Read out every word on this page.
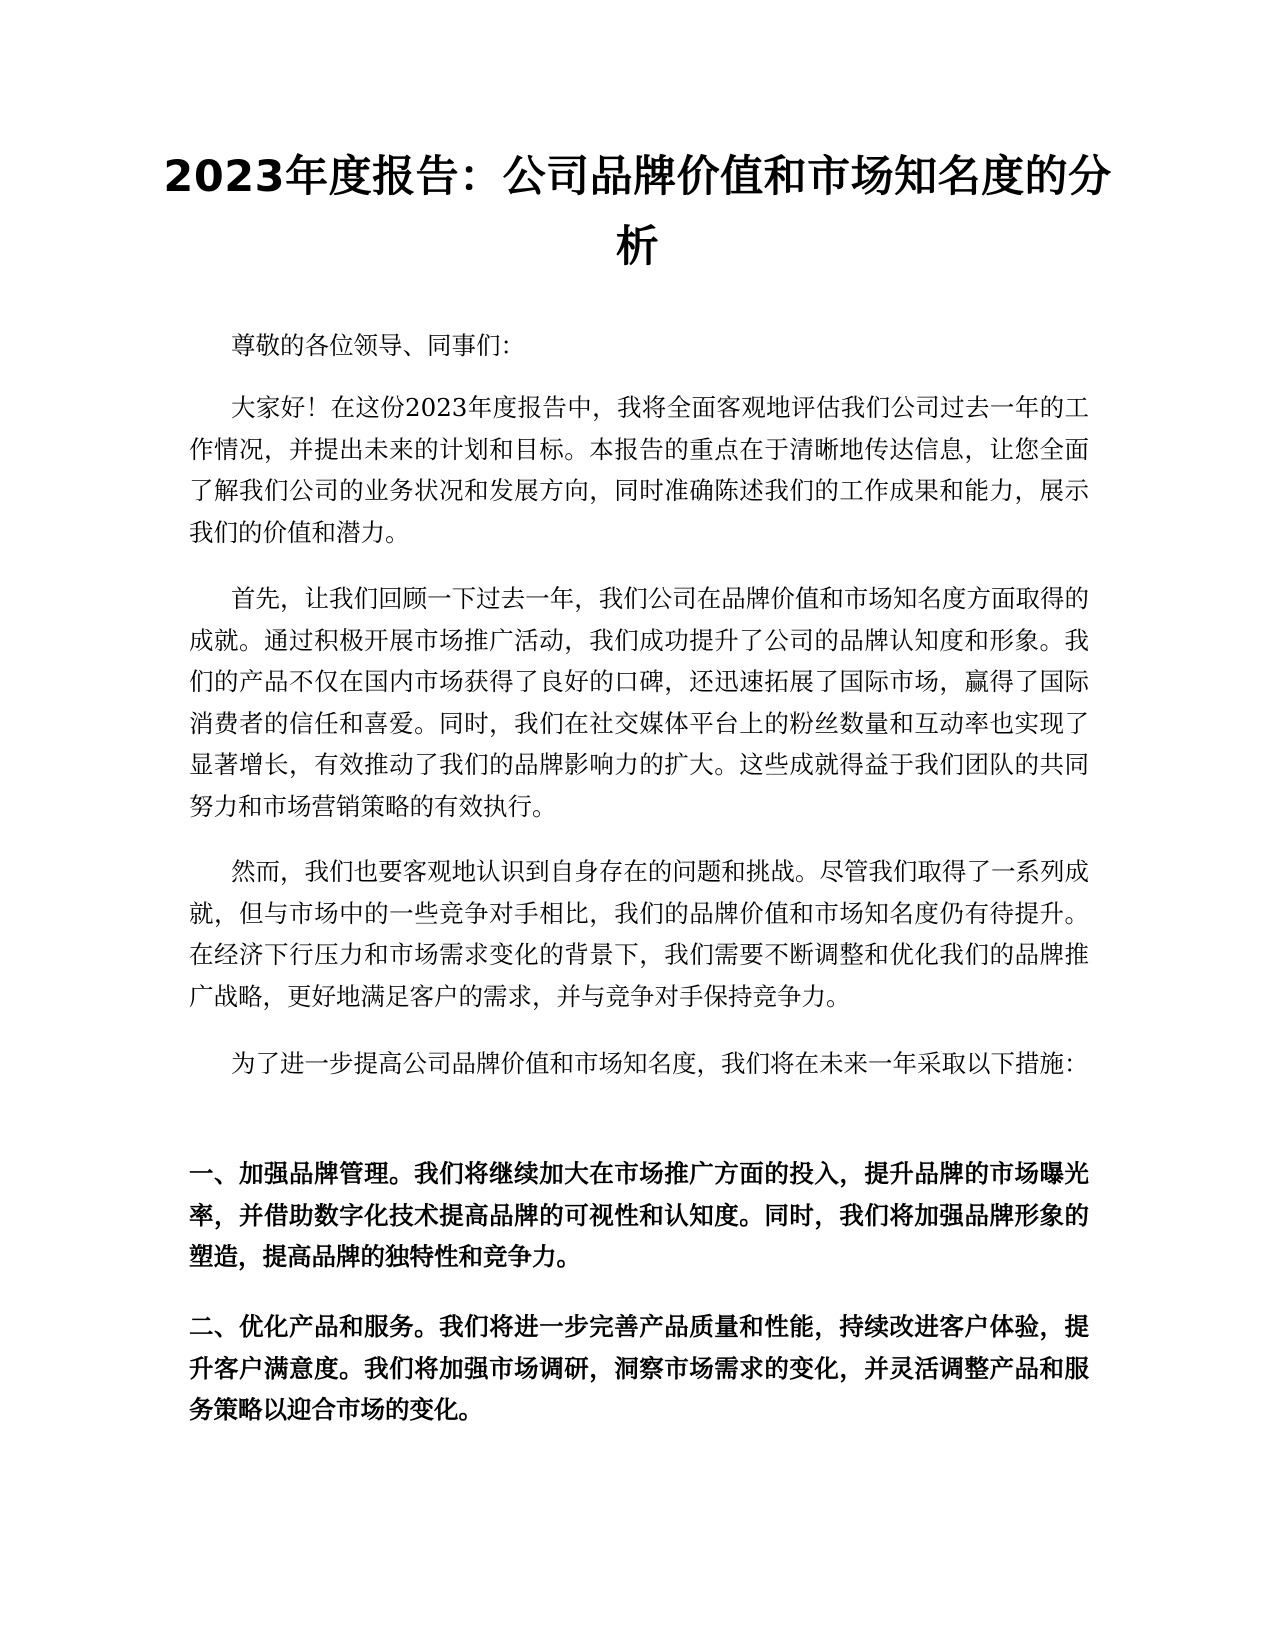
2023年度报告：公司品牌价值和市场知名度的分析

尊敬的各位领导、同事们：

大家好！在这份2023年度报告中，我将全面客观地评估我们公司过去一年的工作情况，并提出未来的计划和目标。本报告的重点在于清晰地传达信息，让您全面了解我们公司的业务状况和发展方向，同时准确陈述我们的工作成果和能力，展示我们的价值和潜力。

首先，让我们回顾一下过去一年，我们公司在品牌价值和市场知名度方面取得的成就。通过积极开展市场推广活动，我们成功提升了公司的品牌认知度和形象。我们的产品不仅在国内市场获得了良好的口碑，还迅速拓展了国际市场，赢得了国际消费者的信任和喜爱。同时，我们在社交媒体平台上的粉丝数量和互动率也实现了显著增长，有效推动了我们的品牌影响力的扩大。这些成就得益于我们团队的共同努力和市场营销策略的有效执行。

然而，我们也要客观地认识到自身存在的问题和挑战。尽管我们取得了一系列成就，但与市场中的一些竞争对手相比，我们的品牌价值和市场知名度仍有待提升。在经济下行压力和市场需求变化的背景下，我们需要不断调整和优化我们的品牌推广战略，更好地满足客户的需求，并与竞争对手保持竞争力。

为了进一步提高公司品牌价值和市场知名度，我们将在未来一年采取以下措施：

一、加强品牌管理。我们将继续加大在市场推广方面的投入，提升品牌的市场曝光率，并借助数字化技术提高品牌的可视性和认知度。同时，我们将加强品牌形象的塑造，提高品牌的独特性和竞争力。

二、优化产品和服务。我们将进一步完善产品质量和性能，持续改进客户体验，提升客户满意度。我们将加强市场调研，洞察市场需求的变化，并灵活调整产品和服务策略以迎合市场的变化。
